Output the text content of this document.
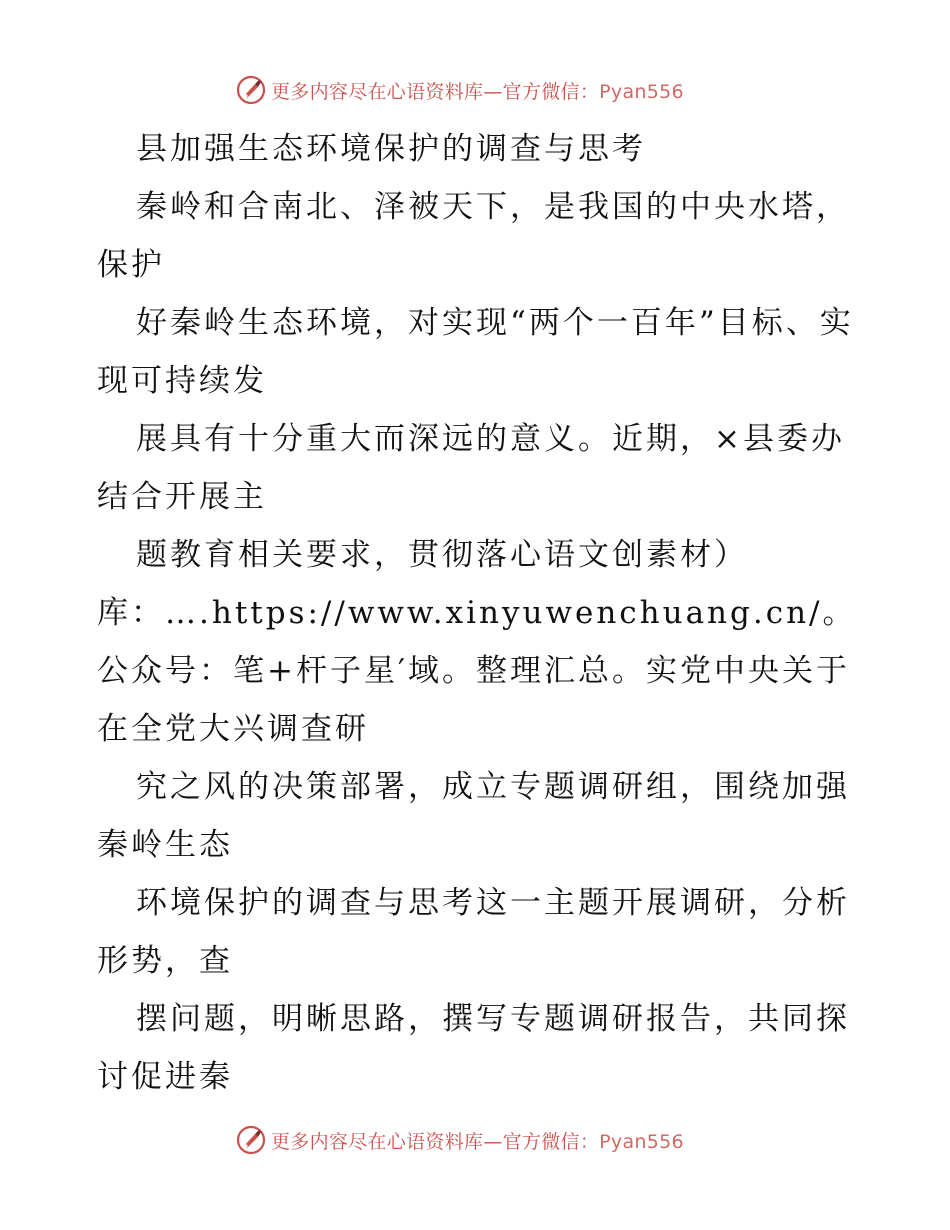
更多内容尽在心语资料库—官方微信：Pyan556

县加强生态环境保护的调查与思考

秦岭和合南北、泽被天下，是我国的中央水塔，保护

好秦岭生态环境，对实现“两个一百年”目标、实现可持续发

展具有十分重大而深远的意义。近期，×县委办结合开展主

题教育相关要求，贯彻落心语文创素材）

库：….https://www.xinyuwenchuang.cn/。公众号：笔+杆子星′域。整理汇总。实党中央关于在全党大兴调查研

究之风的决策部署，成立专题调研组，围绕加强秦岭生态

环境保护的调查与思考这一主题开展调研，分析形势，查

摆问题，明晰思路，撰写专题调研报告，共同探讨促进秦

更多内容尽在心语资料库—官方微信：Pyan556
